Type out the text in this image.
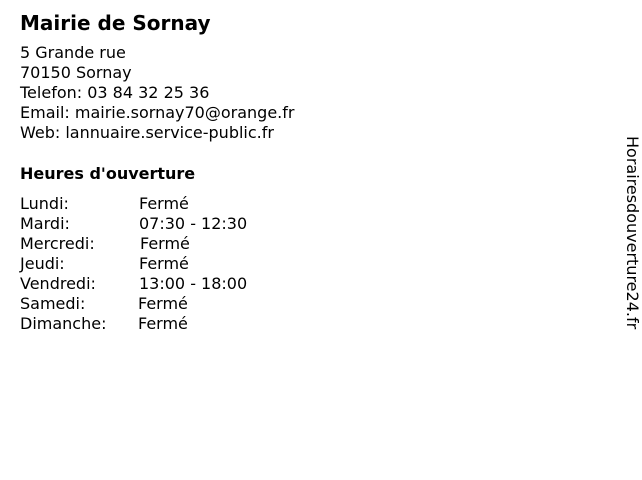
Mairie de Sornay
5 Grande rue
70150 Sornay
Telefon: 03 84 32 25 36
Email: mairie.sornay70@orange.fr
Web: lannuaire.service-public.fr
Heures d'ouverture
Lundi:	Fermé
Mardi:	07:30 - 12:30
Mercredi:	Fermé
Jeudi:	Fermé
Vendredi:	13:00 - 18:00
Samedi:	Fermé
Dimanche: Fermé	Horairesdouverture24.fr
